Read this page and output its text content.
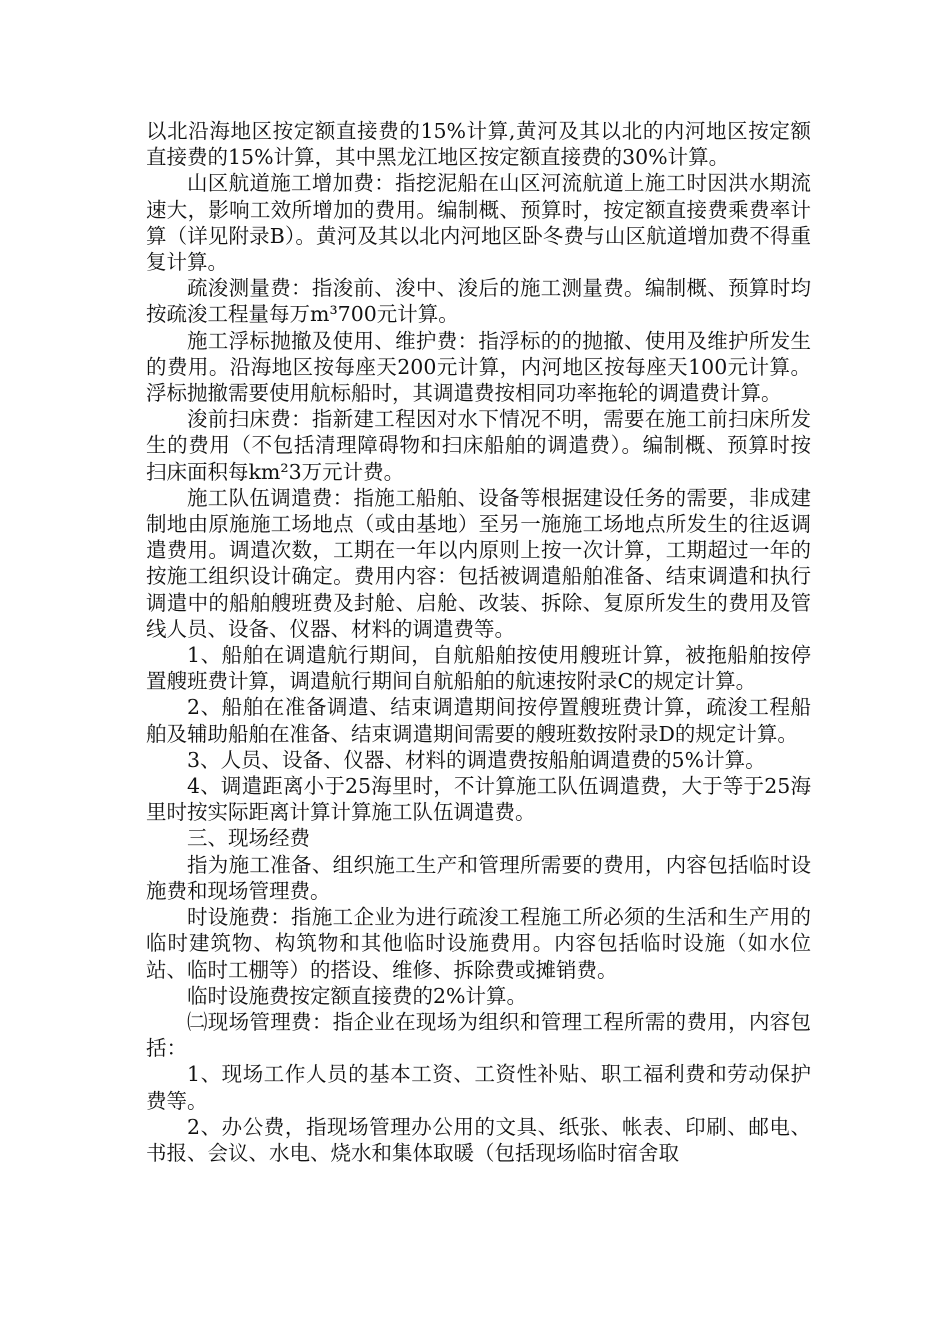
以北沿海地区按定额直接费的15%计算,黄河及其以北的内河地区按定额直接费的15%计算，其中黑龙江地区按定额直接费的30%计算。

山区航道施工增加费：指挖泥船在山区河流航道上施工时因洪水期流速大，影响工效所增加的费用。编制概、预算时，按定额直接费乘费率计算（详见附录B）。黄河及其以北内河地区卧冬费与山区航道增加费不得重复计算。

疏浚测量费：指浚前、浚中、浚后的施工测量费。编制概、预算时均按疏浚工程量每万m³700元计算。

施工浮标抛撤及使用、维护费：指浮标的的抛撤、使用及维护所发生的费用。沿海地区按每座天200元计算，内河地区按每座天100元计算。浮标抛撤需要使用航标船时，其调遣费按相同功率拖轮的调遣费计算。

浚前扫床费：指新建工程因对水下情况不明，需要在施工前扫床所发生的费用（不包括清理障碍物和扫床船舶的调遣费）。编制概、预算时按扫床面积每km²3万元计费。

施工队伍调遣费：指施工船舶、设备等根据建设任务的需要，非成建制地由原施施工场地点（或由基地）至另一施施工场地点所发生的往返调遣费用。调遣次数，工期在一年以内原则上按一次计算，工期超过一年的按施工组织设计确定。费用内容：包括被调遣船舶准备、结束调遣和执行调遣中的船舶艘班费及封舱、启舱、改装、拆除、复原所发生的费用及管线人员、设备、仪器、材料的调遣费等。

1、船舶在调遣航行期间，自航船舶按使用艘班计算，被拖船舶按停置艘班费计算，调遣航行期间自航船舶的航速按附录C的规定计算。

2、船舶在准备调遣、结束调遣期间按停置艘班费计算，疏浚工程船舶及辅助船舶在准备、结束调遣期间需要的艘班数按附录D的规定计算。

3、人员、设备、仪器、材料的调遣费按船舶调遣费的5%计算。

4、调遣距离小于25海里时，不计算施工队伍调遣费，大于等于25海里时按实际距离计算计算施工队伍调遣费。

三、现场经费

指为施工准备、组织施工生产和管理所需要的费用，内容包括临时设施费和现场管理费。

时设施费：指施工企业为进行疏浚工程施工所必须的生活和生产用的临时建筑物、构筑物和其他临时设施费用。内容包括临时设施（如水位站、临时工棚等）的搭设、维修、拆除费或摊销费。

临时设施费按定额直接费的2%计算。

㈡现场管理费：指企业在现场为组织和管理工程所需的费用，内容包括：

1、现场工作人员的基本工资、工资性补贴、职工福利费和劳动保护费等。

2、办公费，指现场管理办公用的文具、纸张、帐表、印刷、邮电、书报、会议、水电、烧水和集体取暖（包括现场临时宿舍取
